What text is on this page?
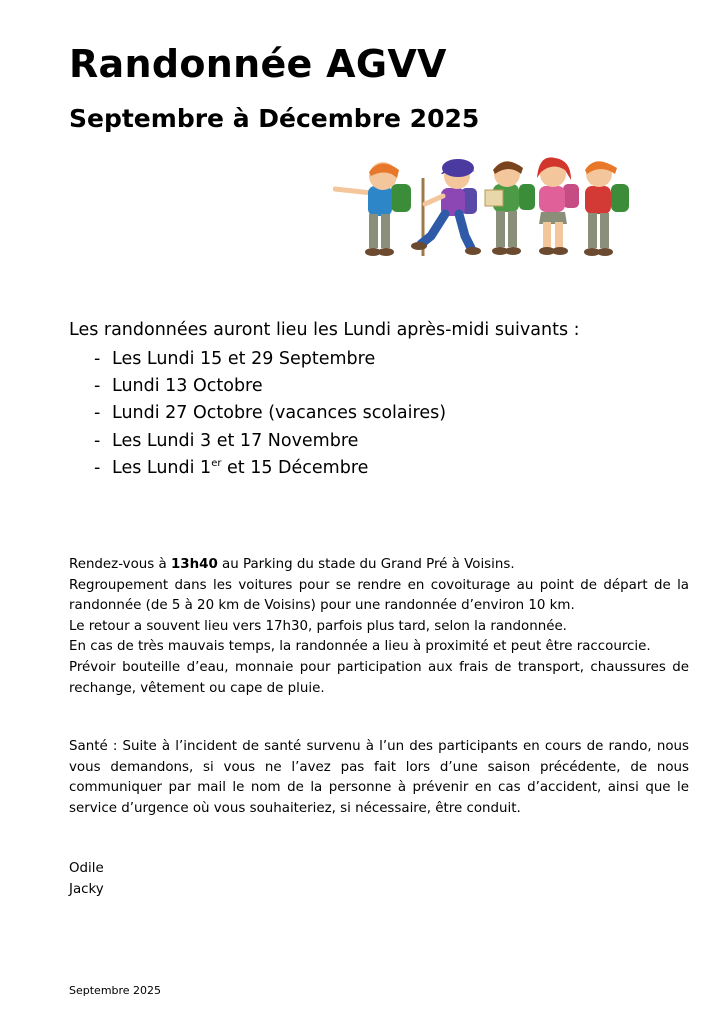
Randonnée AGVV
Septembre à Décembre 2025
Les randonnées auront lieu les Lundi après-midi suivants :
- Les Lundi 15 et 29 Septembre
- Lundi 13 Octobre
- Lundi 27 Octobre (vacances scolaires)
- Les Lundi 3 et 17 Novembre
- Les Lundi 1er et 15 Décembre

Rendez-vous à 13h40 au Parking du stade du Grand Pré à Voisins.

Regroupement dans les voitures pour se rendre en covoiturage au point de départ de la randonnée (de 5 à 20 km de Voisins) pour une randonnée d’environ 10 km.

Le retour a souvent lieu vers 17h30, parfois plus tard, selon la randonnée.

En cas de très mauvais temps, la randonnée a lieu à proximité et peut être raccourcie.

Prévoir bouteille d’eau, monnaie pour participation aux frais de transport, chaussures de rechange, vêtement ou cape de pluie.

Santé : Suite à l’incident de santé survenu à l’un des participants en cours de rando, nous vous demandons, si vous ne l’avez pas fait lors d’une saison précédente, de nous communiquer par mail le nom de la personne à prévenir en cas d’accident, ainsi que le service d’urgence où vous souhaiteriez, si nécessaire, être conduit.

Odile
Jacky
Septembre 2025
